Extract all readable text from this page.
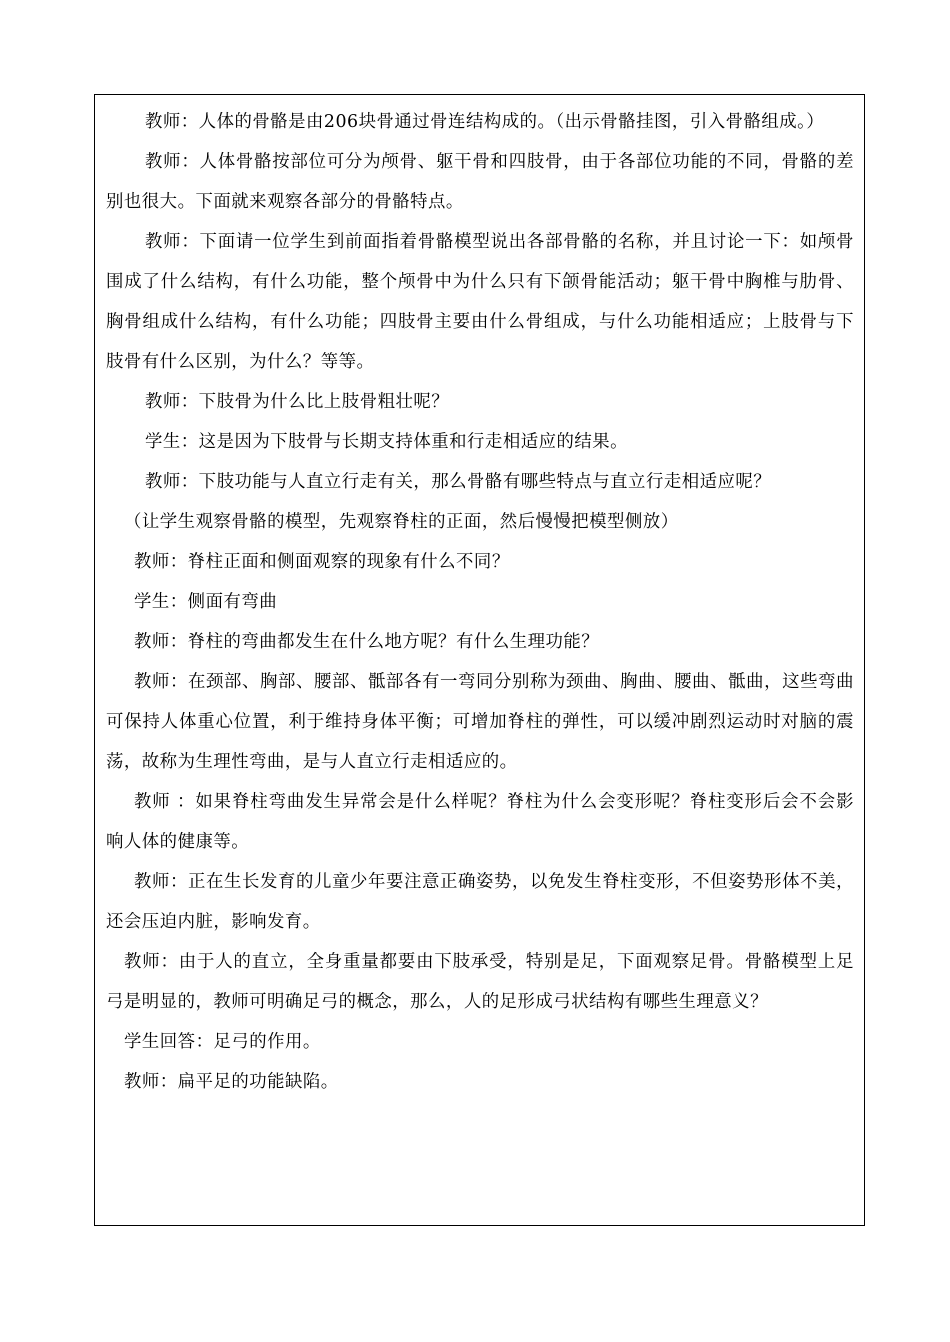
教师：人体的骨骼是由206块骨通过骨连结构成的。（出示骨骼挂图，引入骨骼组成。）

教师：人体骨骼按部位可分为颅骨、躯干骨和四肢骨，由于各部位功能的不同，骨骼的差别也很大。下面就来观察各部分的骨骼特点。

教师：下面请一位学生到前面指着骨骼模型说出各部骨骼的名称，并且讨论一下：如颅骨围成了什么结构，有什么功能，整个颅骨中为什么只有下颌骨能活动；躯干骨中胸椎与肋骨、胸骨组成什么结构，有什么功能；四肢骨主要由什么骨组成，与什么功能相适应；上肢骨与下肢骨有什么区别，为什么？等等。

教师：下肢骨为什么比上肢骨粗壮呢？

学生：这是因为下肢骨与长期支持体重和行走相适应的结果。

教师：下肢功能与人直立行走有关，那么骨骼有哪些特点与直立行走相适应呢？

（让学生观察骨骼的模型，先观察脊柱的正面，然后慢慢把模型侧放）

教师：脊柱正面和侧面观察的现象有什么不同？

学生：侧面有弯曲

教师：脊柱的弯曲都发生在什么地方呢？有什么生理功能？

教师：在颈部、胸部、腰部、骶部各有一弯同分别称为颈曲、胸曲、腰曲、骶曲，这些弯曲可保持人体重心位置，利于维持身体平衡；可增加脊柱的弹性，可以缓冲剧烈运动时对脑的震荡，故称为生理性弯曲，是与人直立行走相适应的。

教师 ：如果脊柱弯曲发生异常会是什么样呢？脊柱为什么会变形呢？脊柱变形后会不会影响人体的健康等。

教师：正在生长发育的儿童少年要注意正确姿势，以免发生脊柱变形，不但姿势形体不美，还会压迫内脏，影响发育。

教师：由于人的直立，全身重量都要由下肢承受，特别是足，下面观察足骨。骨骼模型上足弓是明显的，教师可明确足弓的概念，那么，人的足形成弓状结构有哪些生理意义？

学生回答：足弓的作用。

教师：扁平足的功能缺陷。
